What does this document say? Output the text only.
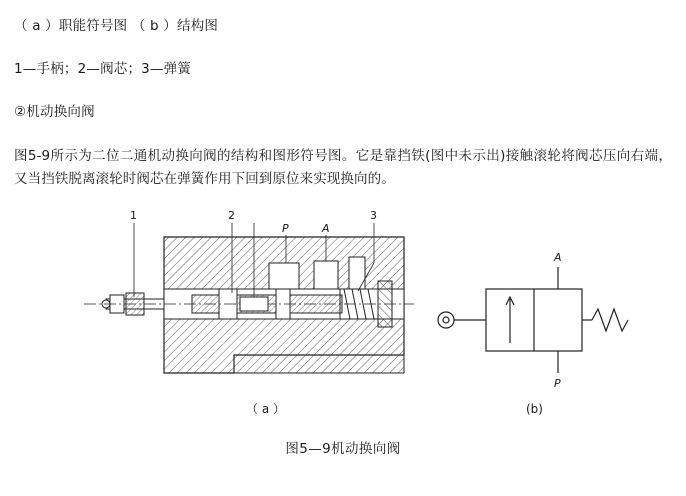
（ a ）职能符号图 （ b ）结构图
1—手柄；2—阀芯；3—弹簧
②机动换向阀
图5-9所示为二位二通机动换向阀的结构和图形符号图。它是靠挡铁(图中未示出)接触滚轮将阀芯压向右端，又当挡铁脱离滚轮时阀芯在弹簧作用下回到原位来实现换向的。
1	2	3
P	A
A
P
（ a ）	(b)
图5—9机动换向阀
